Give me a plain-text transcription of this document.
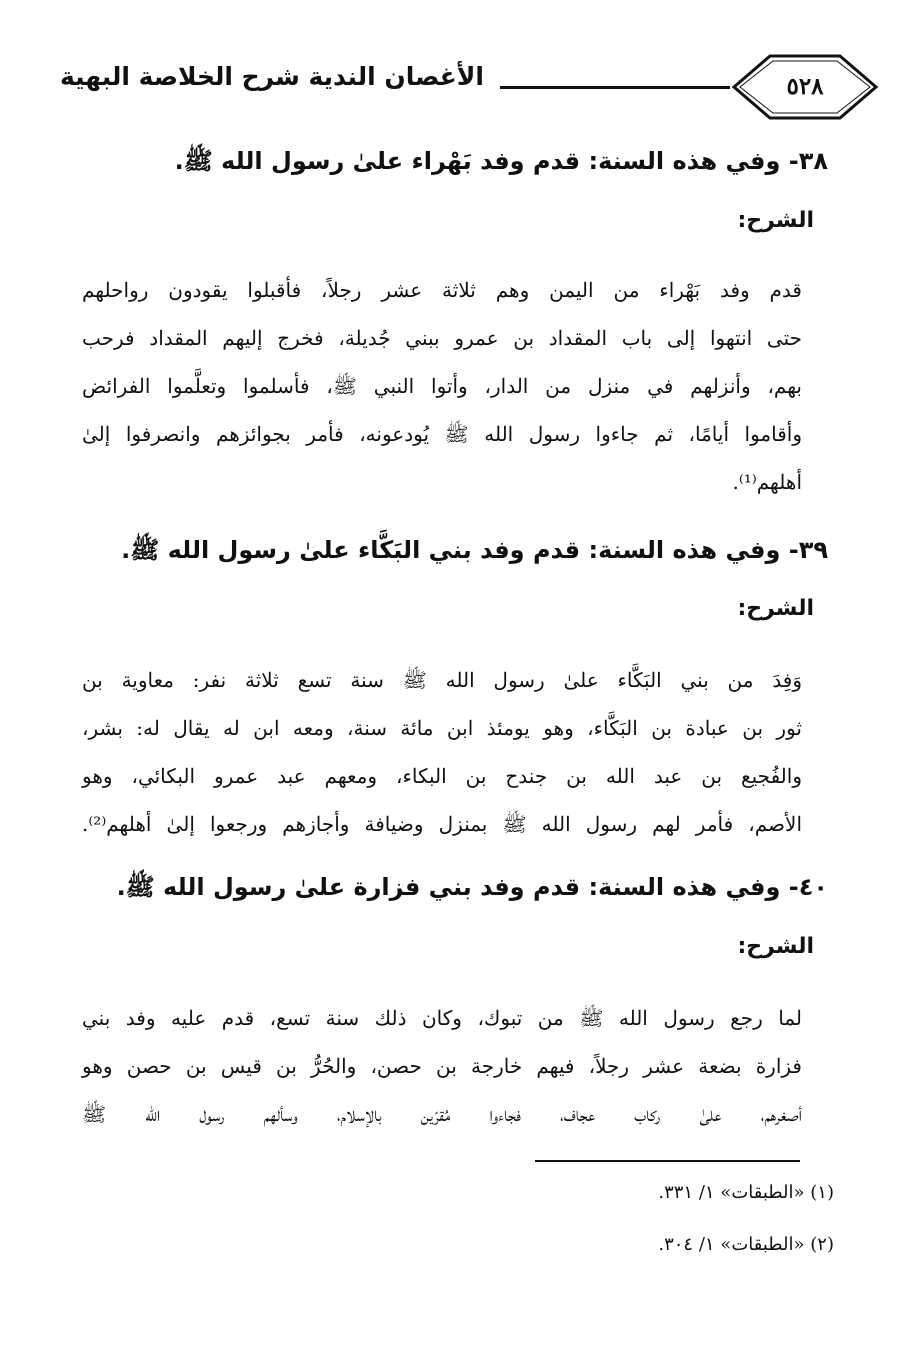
الأغصان الندية شرح الخلاصة البهية	٥٢٨
٣٨- وفي هذه السنة: قدم وفد بَهْراء علىٰ رسول الله ﷺ.
الشرح:
قدم وفد بَهْراء من اليمن وهم ثلاثة عشر رجلاً، فأقبلوا يقودون رواحلهم
حتى انتهوا إلى باب المقداد بن عمرو ببني جُديلة، فخرج إليهم المقداد فرحب
بهم، وأنزلهم في منزل من الدار، وأتوا النبي ﷺ، فأسلموا وتعلَّموا الفرائض
وأقاموا أيامًا، ثم جاءوا رسول الله ﷺ يُودعونه، فأمر بجوائزهم وانصرفوا إلىٰ
أهلهم⁽¹⁾.
٣٩- وفي هذه السنة: قدم وفد بني البَكَّاء علىٰ رسول الله ﷺ.
الشرح:
وَفِدَ من بني البَكَّاء علىٰ رسول الله ﷺ سنة تسع ثلاثة نفر: معاوية بن
ثور بن عبادة بن البَكَّاء، وهو يومئذ ابن مائة سنة، ومعه ابن له يقال له: بشر،
والفُجيع بن عبد الله بن جندح بن البكاء، ومعهم عبد عمرو البكائي، وهو
الأصم، فأمر لهم رسول الله ﷺ بمنزل وضيافة وأجازهم ورجعوا إلىٰ أهلهم⁽²⁾.
٤٠- وفي هذه السنة: قدم وفد بني فزارة علىٰ رسول الله ﷺ.
الشرح:
لما رجع رسول الله ﷺ من تبوك، وكان ذلك سنة تسع، قدم عليه وفد بني
فزارة بضعة عشر رجلاً، فيهم خارجة بن حصن، والحُرُّ بن قيس بن حصن وهو
أصغرهم، علىٰ ركاب عجاف، فجاءوا مُقرّين بالإسلام، وسألهم رسول الله ﷺ
(١) «الطبقات» ١/ ٣٣١.
(٢) «الطبقات» ١/ ٣٠٤.
